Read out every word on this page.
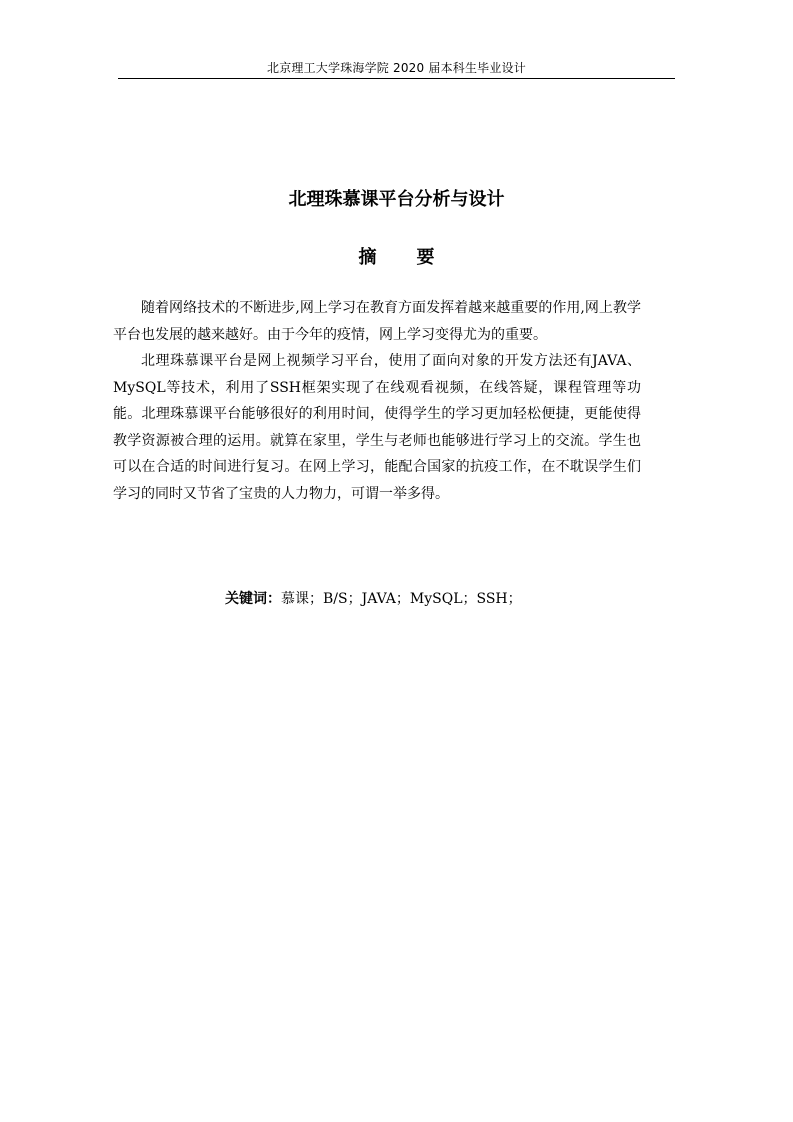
北京理工大学珠海学院 2020 届本科生毕业设计
北理珠慕课平台分析与设计
摘要

随着网络技术的不断进步,网上学习在教育方面发挥着越来越重要的作用,网上教学平台也发展的越来越好。由于今年的疫情，网上学习变得尤为的重要。

北理珠慕课平台是网上视频学习平台，使用了面向对象的开发方法还有JAVA、MySQL等技术，利用了SSH框架实现了在线观看视频，在线答疑，课程管理等功能。北理珠慕课平台能够很好的利用时间，使得学生的学习更加轻松便捷，更能使得教学资源被合理的运用。就算在家里，学生与老师也能够进行学习上的交流。学生也可以在合适的时间进行复习。在网上学习，能配合国家的抗疫工作，在不耽误学生们学习的同时又节省了宝贵的人力物力，可谓一举多得。

关键词：慕课；B/S；JAVA；MySQL；SSH；
